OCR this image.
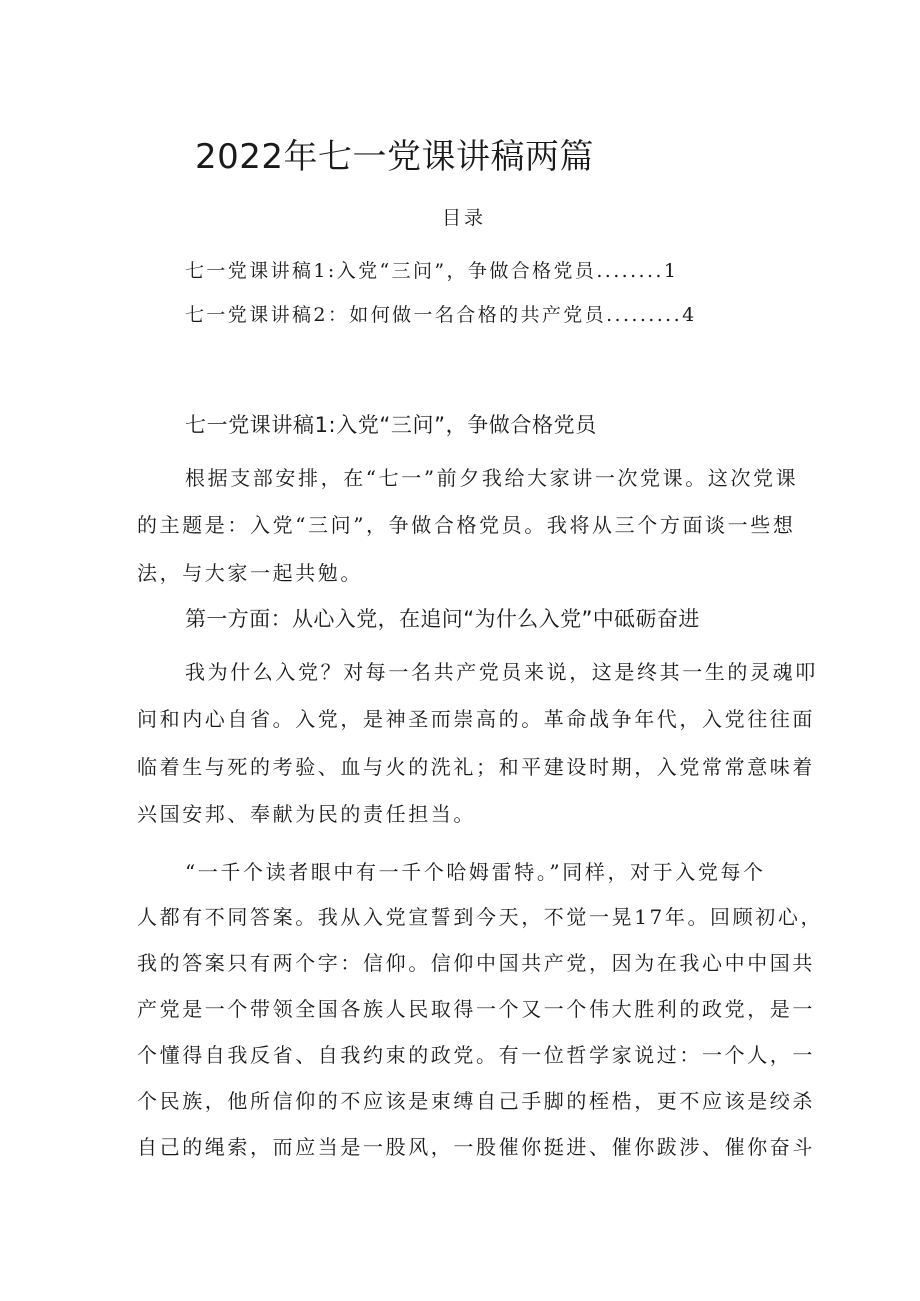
2022年七一党课讲稿两篇
目录
七一党课讲稿1:入党“三问”，争做合格党员........1
七一党课讲稿2：如何做一名合格的共产党员.........4
七一党课讲稿1:入党“三问”，争做合格党员
根据支部安排，在“七一”前夕我给大家讲一次党课。这次党课
的主题是：入党“三问”，争做合格党员。我将从三个方面谈一些想
法，与大家一起共勉。
第一方面：从心入党，在追问“为什么入党”中砥砺奋进
我为什么入党？对每一名共产党员来说，这是终其一生的灵魂叩
问和内心自省。入党，是神圣而崇高的。革命战争年代，入党往往面
临着生与死的考验、血与火的洗礼；和平建设时期，入党常常意味着
兴国安邦、奉献为民的责任担当。
“一千个读者眼中有一千个哈姆雷特。”同样，对于入党每个
人都有不同答案。我从入党宣誓到今天，不觉一晃17年。回顾初心，
我的答案只有两个字：信仰。信仰中国共产党，因为在我心中中国共
产党是一个带领全国各族人民取得一个又一个伟大胜利的政党，是一
个懂得自我反省、自我约束的政党。有一位哲学家说过：一个人，一
个民族，他所信仰的不应该是束缚自己手脚的桎梏，更不应该是绞杀
自己的绳索，而应当是一股风，一股催你挺进、催你跋涉、催你奋斗
